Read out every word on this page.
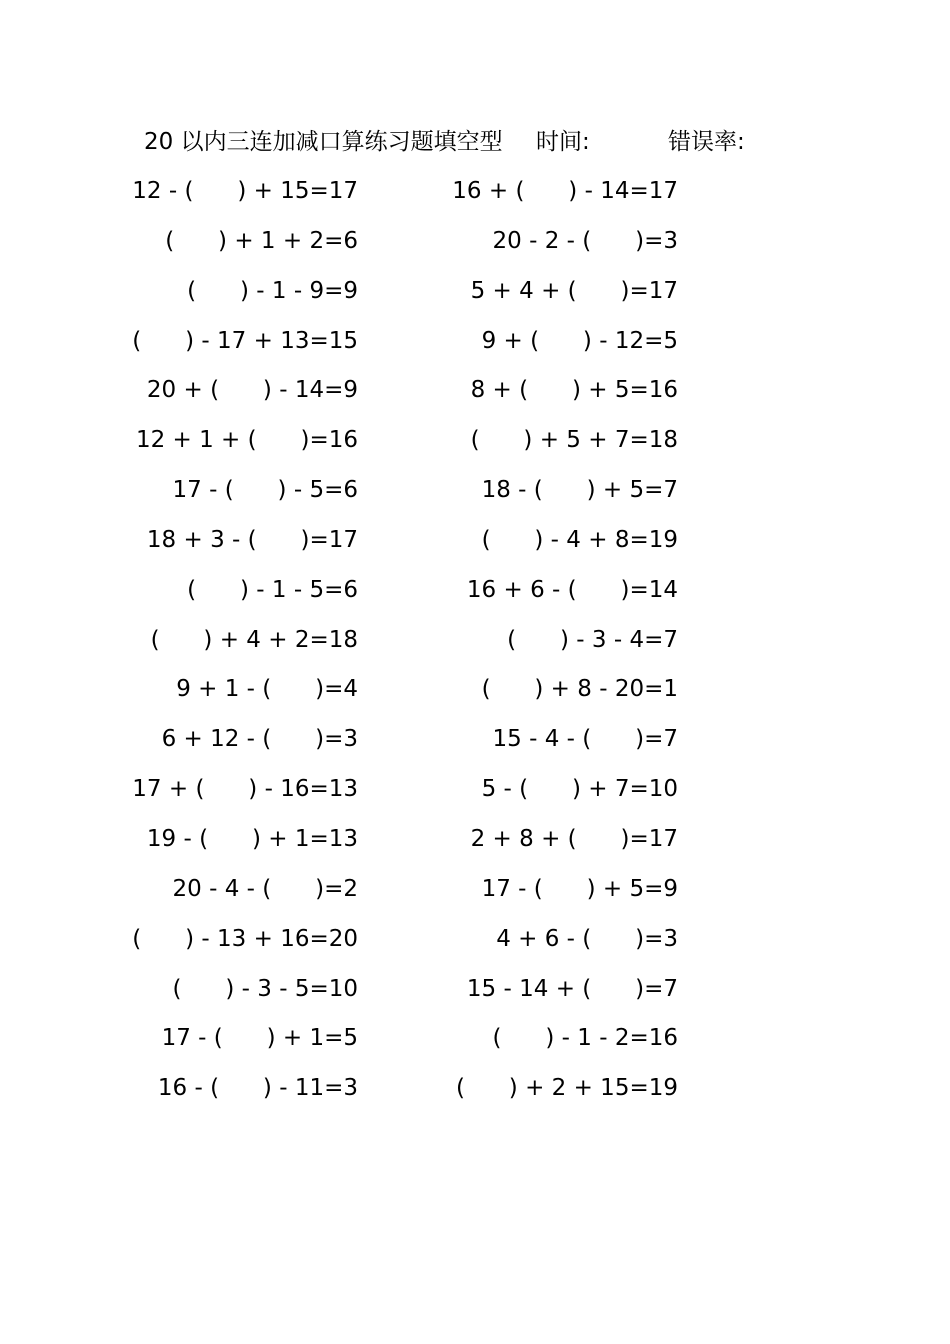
20 以内三连加减口算练习题填空型 时间:	错误率:
12 - (      ) + 15=17
(      ) + 1 + 2=6
(      ) - 1 - 9=9
(      ) - 17 + 13=15
20 + (      ) - 14=9
12 + 1 + (      )=16
17 - (      ) - 5=6
18 + 3 - (      )=17
(      ) - 1 - 5=6
(      ) + 4 + 2=18
9 + 1 - (      )=4
6 + 12 - (      )=3
17 + (      ) - 16=13
19 - (      ) + 1=13
20 - 4 - (      )=2
(      ) - 13 + 16=20
(      ) - 3 - 5=10
17 - (      ) + 1=5
16 - (      ) - 11=3
16 + (      ) - 14=17
20 - 2 - (      )=3
5 + 4 + (      )=17
9 + (      ) - 12=5
8 + (      ) + 5=16
(      ) + 5 + 7=18
18 - (      ) + 5=7
(      ) - 4 + 8=19
16 + 6 - (      )=14
(      ) - 3 - 4=7
(      ) + 8 - 20=1
15 - 4 - (      )=7
5 - (      ) + 7=10
2 + 8 + (      )=17
17 - (      ) + 5=9
4 + 6 - (      )=3
15 - 14 + (      )=7
(      ) - 1 - 2=16
(      ) + 2 + 15=19
